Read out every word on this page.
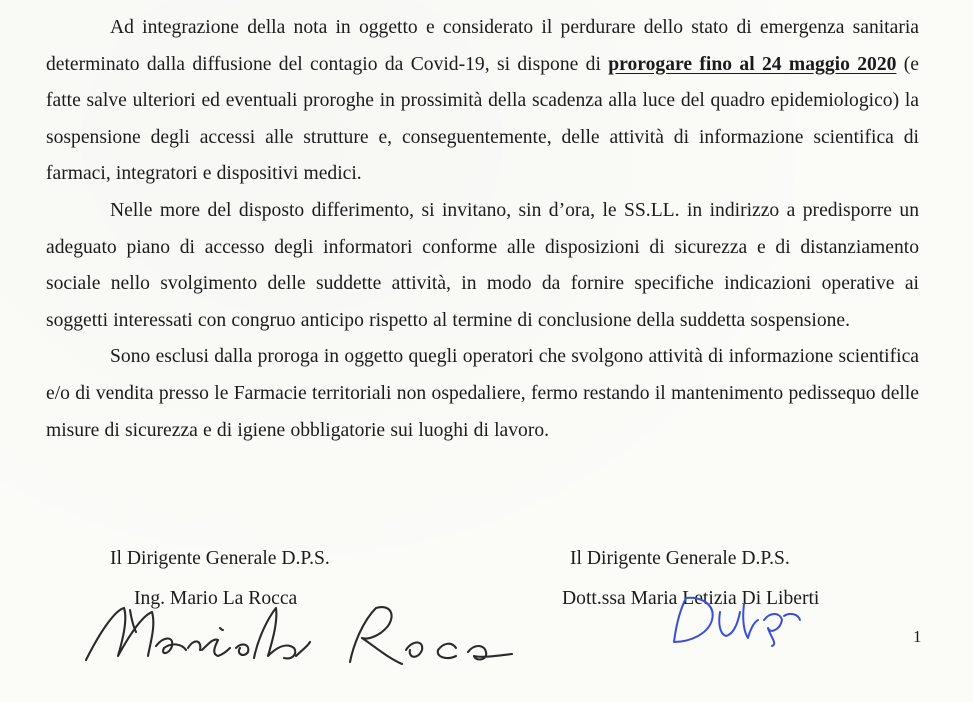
Ad integrazione della nota in oggetto e considerato il perdurare dello stato di emergenza sanitaria determinato dalla diffusione del contagio da Covid-19, si dispone di prorogare fino al 24 maggio 2020 (e fatte salve ulteriori ed eventuali proroghe in prossimità della scadenza alla luce del quadro epidemiologico) la sospensione degli accessi alle strutture e, conseguentemente, delle attività di informazione scientifica di farmaci, integratori e dispositivi medici.

Nelle more del disposto differimento, si invitano, sin d’ora, le SS.LL. in indirizzo a predisporre un adeguato piano di accesso degli informatori conforme alle disposizioni di sicurezza e di distanziamento sociale nello svolgimento delle suddette attività, in modo da fornire specifiche indicazioni operative ai soggetti interessati con congruo anticipo rispetto al termine di conclusione della suddetta sospensione.

Sono esclusi dalla proroga in oggetto quegli operatori che svolgono attività di informazione scientifica e/o di vendita presso le Farmacie territoriali non ospedaliere, fermo restando il mantenimento pedissequo delle misure di sicurezza e di igiene obbligatorie sui luoghi di lavoro.

Il Dirigente Generale D.P.S.
Ing. Mario La Rocca
Il Dirigente Generale D.P.S.
Dott.ssa Maria Letizia Di Liberti
1
